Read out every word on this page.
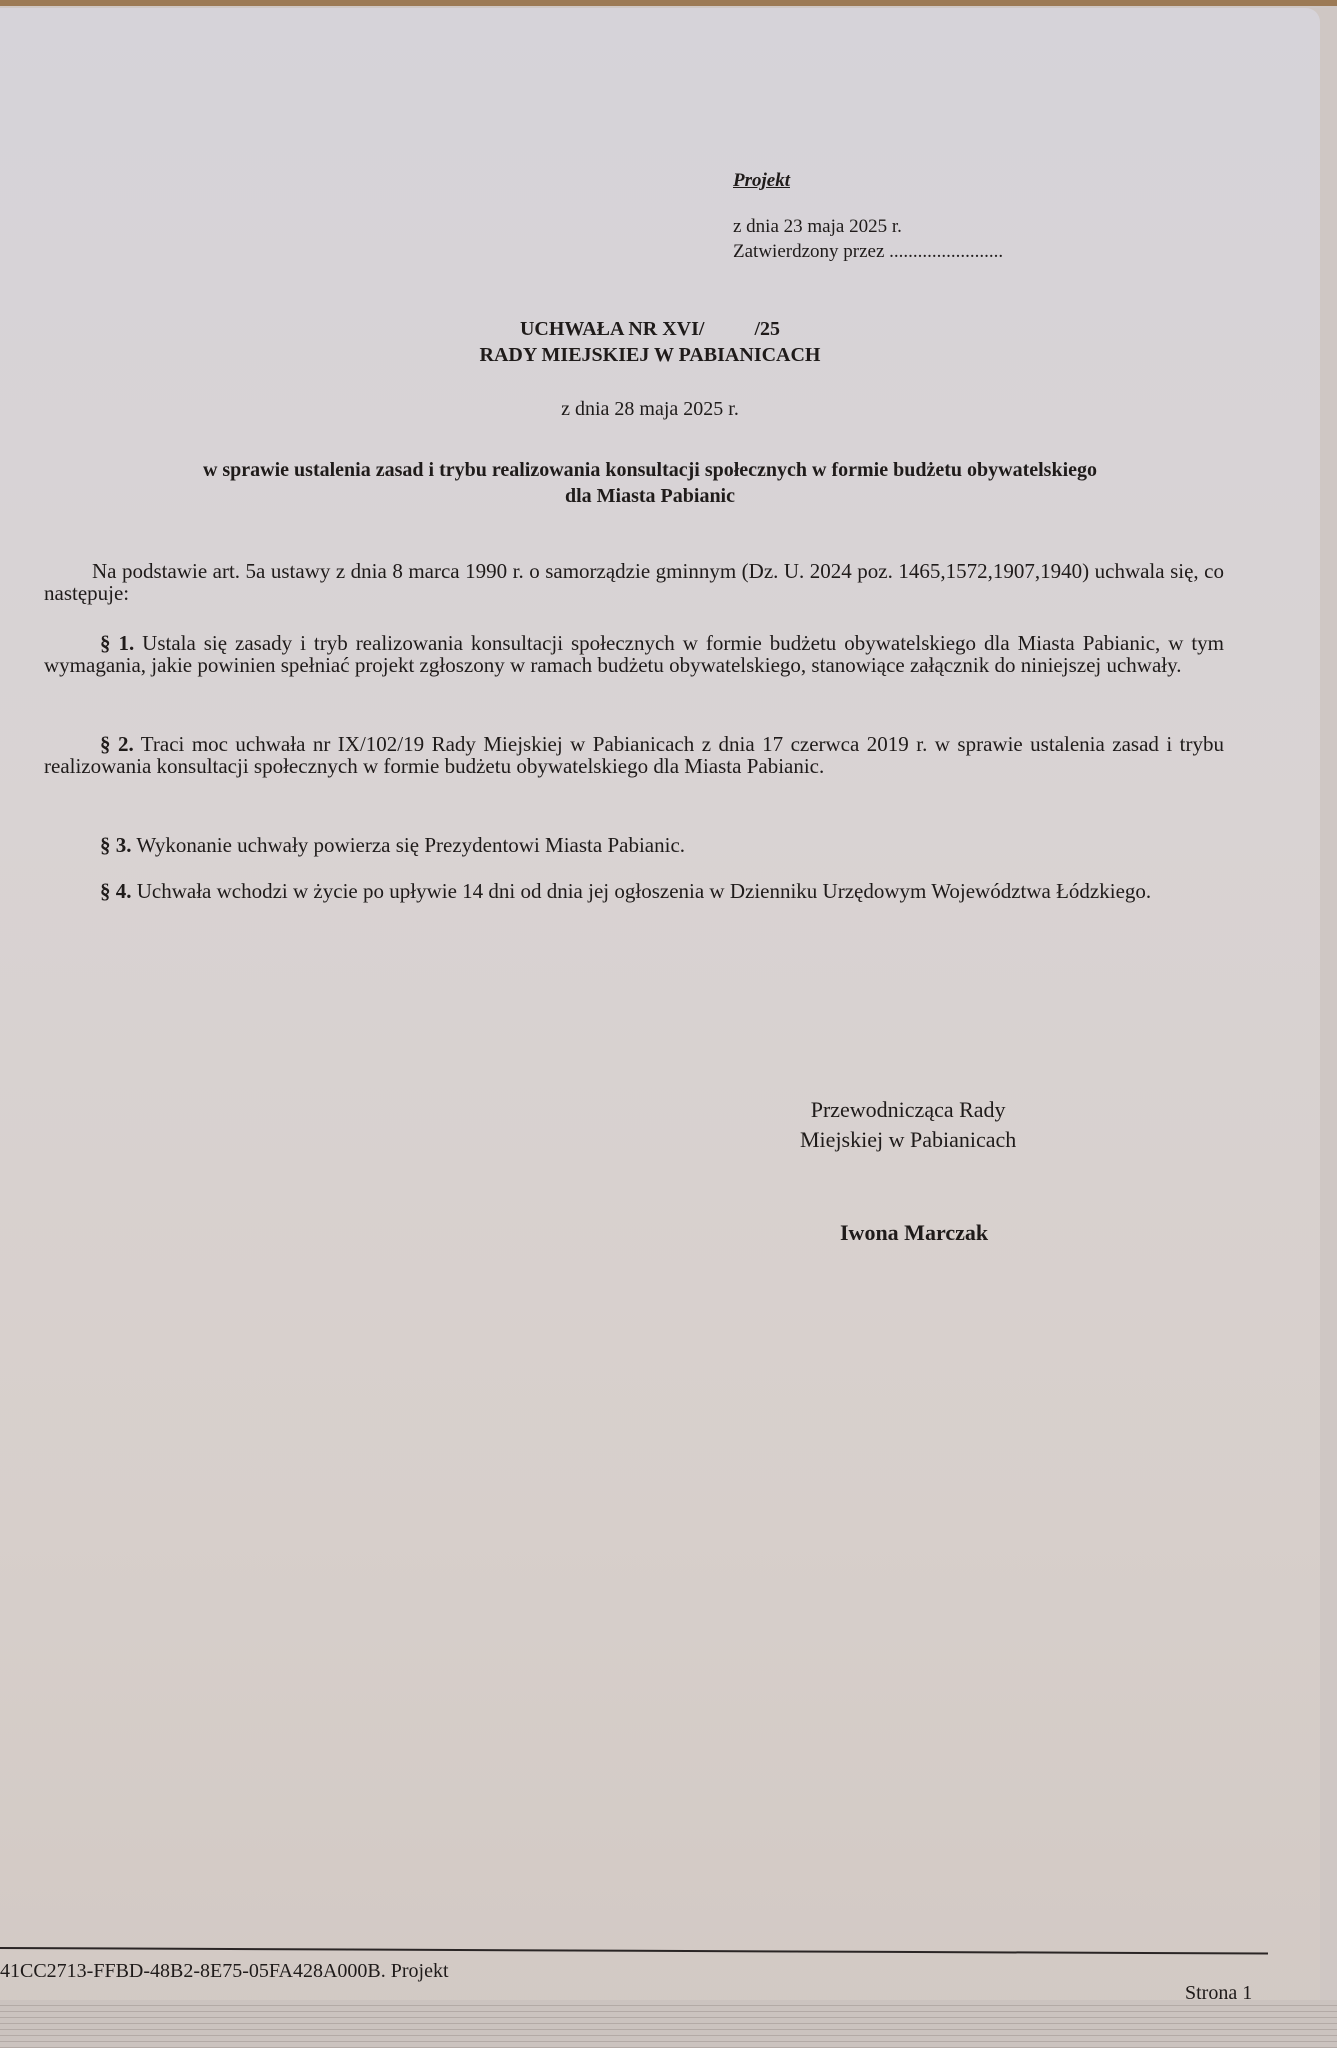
Projekt
z dnia 23 maja 2025 r.
Zatwierdzony przez ........................
UCHWAŁA NR XVI/          /25
RADY MIEJSKIEJ W PABIANICACH
z dnia 28 maja 2025 r.
w sprawie ustalenia zasad i trybu realizowania konsultacji społecznych w formie budżetu obywatelskiego
dla Miasta Pabianic
Na podstawie art. 5a ustawy z dnia 8 marca 1990 r. o samorządzie gminnym (Dz. U. 2024 poz. 1465,1572,1907,1940) uchwala się, co następuje:
§ 1. Ustala się zasady i tryb realizowania konsultacji społecznych w formie budżetu obywatelskiego dla Miasta Pabianic, w tym wymagania, jakie powinien spełniać projekt zgłoszony w ramach budżetu obywatelskiego, stanowiące załącznik do niniejszej uchwały.
§ 2. Traci moc uchwała nr IX/102/19 Rady Miejskiej w Pabianicach z dnia 17 czerwca 2019 r. w sprawie ustalenia zasad i trybu realizowania konsultacji społecznych w formie budżetu obywatelskiego dla Miasta Pabianic.
§ 3. Wykonanie uchwały powierza się Prezydentowi Miasta Pabianic.
§ 4. Uchwała wchodzi w życie po upływie 14 dni od dnia jej ogłoszenia w Dzienniku Urzędowym Województwa Łódzkiego.
Przewodnicząca Rady
Miejskiej w Pabianicach
Iwona Marczak
41CC2713-FFBD-48B2-8E75-05FA428A000B. Projekt
Strona 1
